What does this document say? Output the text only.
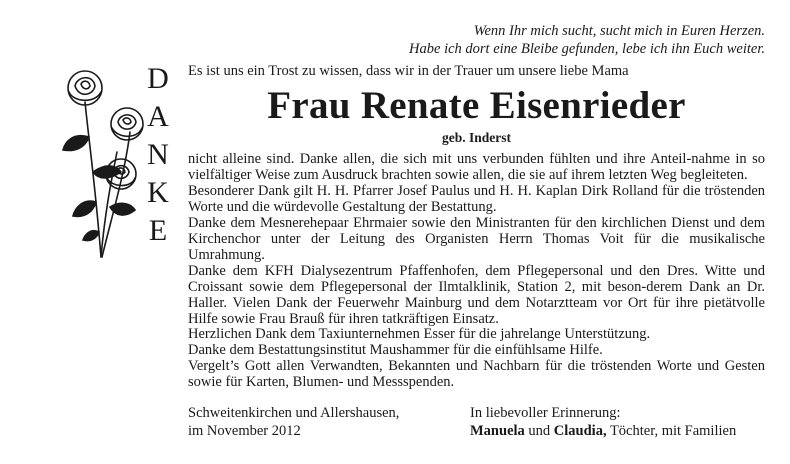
Wenn Ihr mich sucht, sucht mich in Euren Herzen.
Habe ich dort eine Bleibe gefunden, lebe ich ihn Euch weiter.
D
A
N
K
E
Es ist uns ein Trost zu wissen, dass wir in der Trauer um unsere liebe Mama
Frau Renate Eisenrieder
geb. Inderst
nicht alleine sind. Danke allen, die sich mit uns verbunden fühlten und ihre Anteil-nahme in so vielfältiger Weise zum Ausdruck brachten sowie allen, die sie auf ihrem letzten Weg begleiteten.
Besonderer Dank gilt H. H. Pfarrer Josef Paulus und H. H. Kaplan Dirk Rolland für die tröstenden Worte und die würdevolle Gestaltung der Bestattung.
Danke dem Mesnerehepaar Ehrmaier sowie den Ministranten für den kirchlichen Dienst und dem Kirchenchor unter der Leitung des Organisten Herrn Thomas Voit für die musikalische Umrahmung.
Danke dem KFH Dialysezentrum Pfaffenhofen, dem Pflegepersonal und den Dres. Witte und Croissant sowie dem Pflegepersonal der Ilmtalklinik, Station 2, mit beson-derem Dank an Dr. Haller. Vielen Dank der Feuerwehr Mainburg und dem Notarztteam vor Ort für ihre pietätvolle Hilfe sowie Frau Brauß für ihren tatkräftigen Einsatz.
Herzlichen Dank dem Taxiunternehmen Esser für die jahrelange Unterstützung.
Danke dem Bestattungsinstitut Maushammer für die einfühlsame Hilfe.
Vergelt’s Gott allen Verwandten, Bekannten und Nachbarn für die tröstenden Worte und Gesten sowie für Karten, Blumen- und Messspenden.
Schweitenkirchen und Allershausen,
im November 2012
In liebevoller Erinnerung:
Manuela und Claudia, Töchter, mit Familien
